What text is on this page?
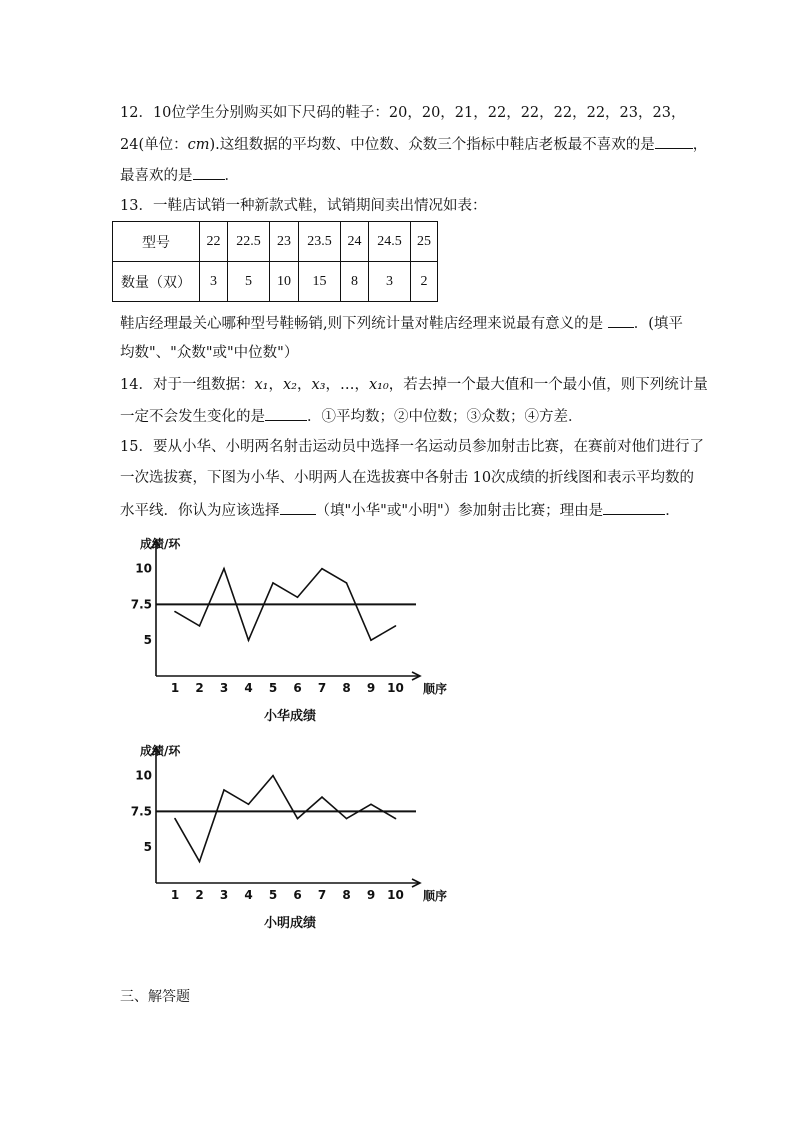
12．10位学生分别购买如下尺码的鞋子：20，20，21，22，22，22，22，23，23，
24(单位：cm).这组数据的平均数、中位数、众数三个指标中鞋店老板最不喜欢的是	，
最喜欢的是 ．
13．一鞋店试销一种新款式鞋，试销期间卖出情况如表：
型号	22	22.5	23	23.5	24	24.5	25
数量（双）	3	5	10	15	8	3	2
鞋店经理最关心哪种型号鞋畅销,则下列统计量对鞋店经理来说最有意义的是 ．(填平
均数"、"众数"或"中位数"）
14．对于一组数据：x₁，x₂，x₃，…，x₁₀，若去掉一个最大值和一个最小值，则下列统计量
一定不会发生变化的是	．①平均数；②中位数；③众数；④方差．
15．要从小华、小明两名射击运动员中选择一名运动员参加射击比赛，在赛前对他们进行了
一次选拔赛，下图为小华、小明两人在选拔赛中各射击 10次成绩的折线图和表示平均数的
水平线．你认为应该选择 （填"小华"或"小明"）参加射击比赛；理由是	．
成绩/环
顺序
5
7.5
10
1 2 3 4 5 6 7 8 9 10
小华成绩
成绩/环
顺序
5
7.5
10
1 2 3 4 5 6 7 8 9 10
小明成绩
三、解答题
